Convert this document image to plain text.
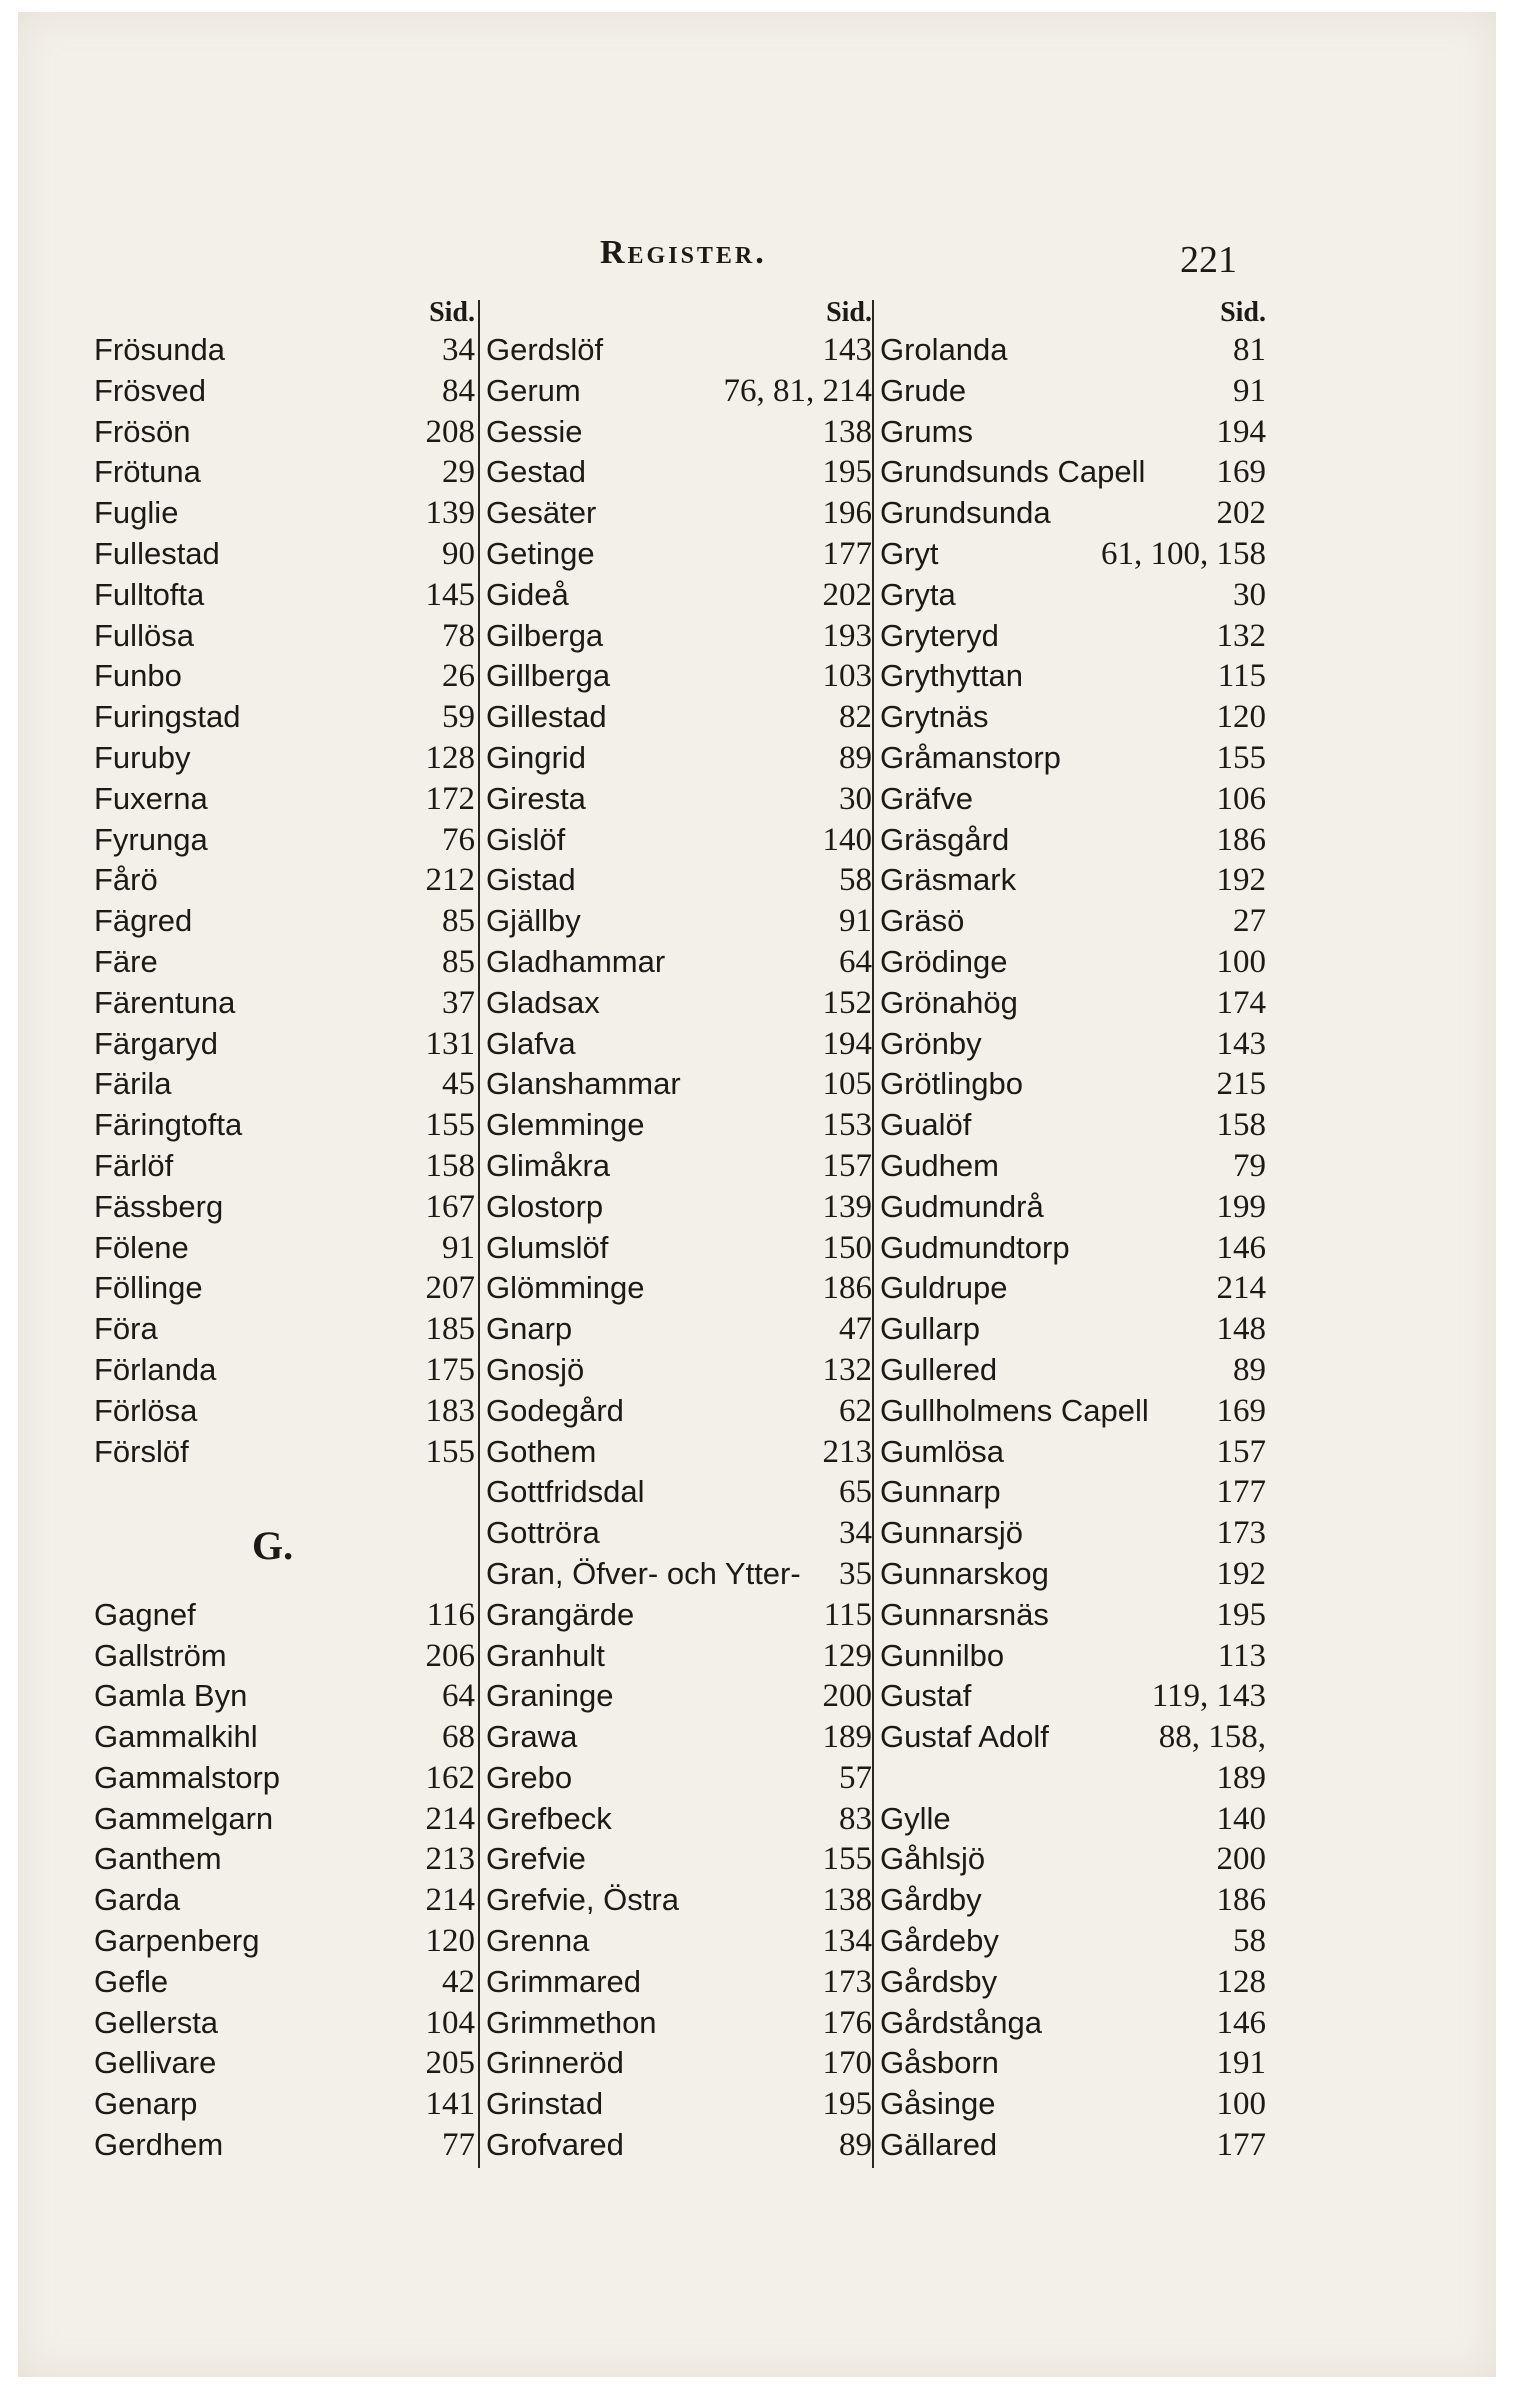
Register.	221
Sid.
Frösunda	34
Frösved	84
Frösön	208
Frötuna	29
Fuglie	139
Fullestad	90
Fulltofta	145
Fullösa	78
Funbo	26
Furingstad	59
Furuby	128
Fuxerna	172
Fyrunga	76
Fårö	212
Fägred	85
Färe	85
Färentuna	37
Färgaryd	131
Färila	45
Färingtofta	155
Färlöf	158
Fässberg	167
Fölene	91
Föllinge	207
Föra	185
Förlanda	175
Förlösa	183
Förslöf	155
Gagnef	116
Gallström	206
Gamla Byn	64
Gammalkihl	68
Gammalstorp	162
Gammelgarn	214
Ganthem	213
Garda	214
Garpenberg	120
Gefle	42
Gellersta	104
Gellivare	205
Genarp	141
Gerdhem	77
G.
Sid.
Gerdslöf	143
Gerum	76, 81, 214
Gessie	138
Gestad	195
Gesäter	196
Getinge	177
Gideå	202
Gilberga	193
Gillberga	103
Gillestad	82
Gingrid	89
Giresta	30
Gislöf	140
Gistad	58
Gjällby	91
Gladhammar	64
Gladsax	152
Glafva	194
Glanshammar	105
Glemminge	153
Glimåkra	157
Glostorp	139
Glumslöf	150
Glömminge	186
Gnarp	47
Gnosjö	132
Godegård	62
Gothem	213
Gottfridsdal	65
Gottröra	34
Gran, Öfver- och Ytter- 35
Grangärde	115
Granhult	129
Graninge	200
Grawa	189
Grebo	57
Grefbeck	83
Grefvie	155
Grefvie, Östra	138
Grenna	134
Grimmared	173
Grimmethon	176
Grinneröd	170
Grinstad	195
Grofvared	89
Sid.
Grolanda	81
Grude	91
Grums	194
Grundsunds Capell 169
Grundsunda	202
Gryt	61, 100, 158
Gryta	30
Gryteryd	132
Grythyttan	115
Grytnäs	120
Gråmanstorp	155
Gräfve	106
Gräsgård	186
Gräsmark	192
Gräsö	27
Grödinge	100
Grönahög	174
Grönby	143
Grötlingbo	215
Gualöf	158
Gudhem	79
Gudmundrå	199
Gudmundtorp	146
Guldrupe	214
Gullarp	148
Gullered	89
Gullholmens Capell 169
Gumlösa	157
Gunnarp	177
Gunnarsjö	173
Gunnarskog	192
Gunnarsnäs	195
Gunnilbo	113
Gustaf	119, 143
Gustaf Adolf	88, 158,
189
Gylle	140
Gåhlsjö	200
Gårdby	186
Gårdeby	58
Gårdsby	128
Gårdstånga	146
Gåsborn	191
Gåsinge	100
Gällared	177
